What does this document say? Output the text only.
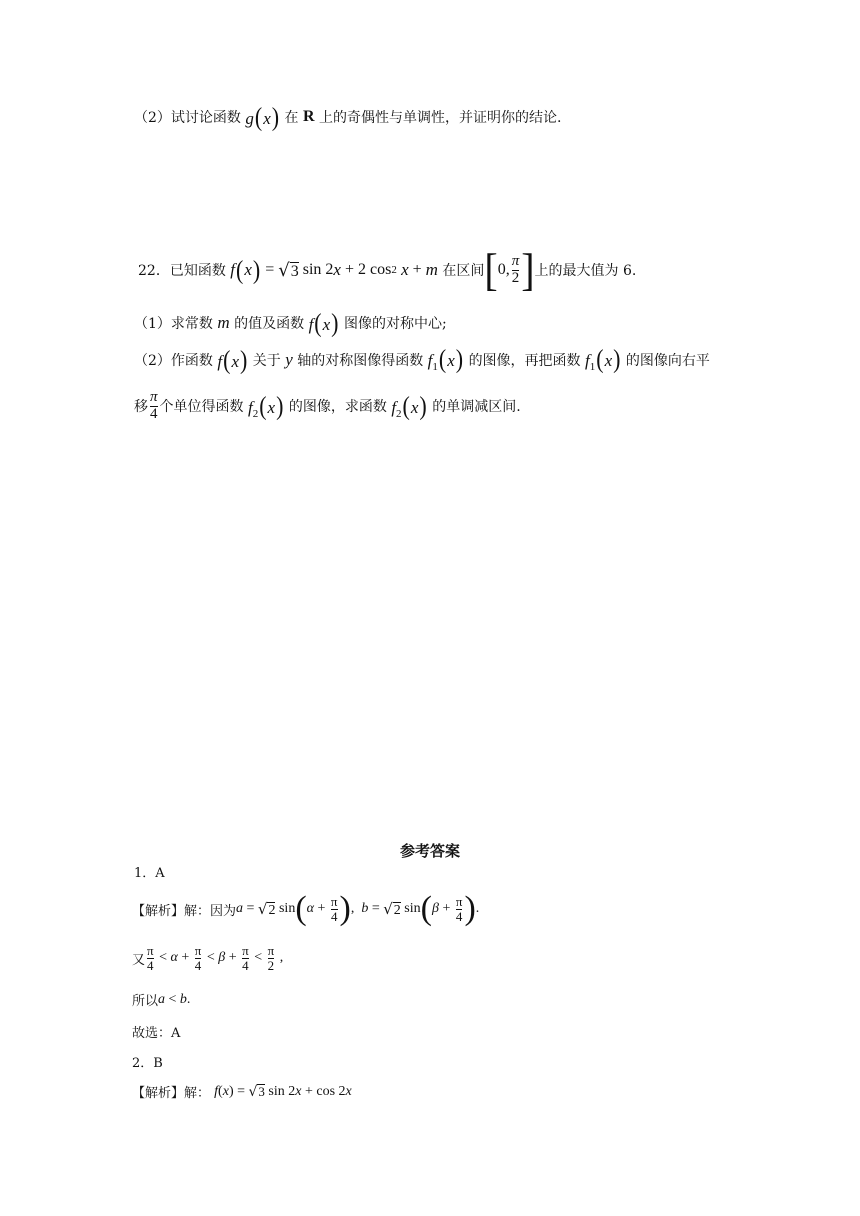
（2） 试讨论函数 g(x) 在
R
上的奇偶性与单调性，并证明你的结论.
22． 已知函数
f ( x ) = √ 3 sin 2 x + 2 cos 2 x + m
在区间 [ 0, $\frac{\pi}{2}$ ] 上的最大值为 6.
（1） 求常数 m 的值及函数 f(x) 图像的对称中心;
（2） 作函数 f(x) 关于 y 轴的对称图像得函数 $f_1(x)$ 的图像，再把函数 $f_1(x)$ 的图像向右平
移 $\frac{\pi}{4}$ 个单位得函数 $f_2(x)$ 的图像，求函数 $f_2(x)$ 的单调减区间.
参考答案
1．A
【解析】解：因为 a = √ 2 sin ( $\alpha + \frac{\pi}{4}$ ) , b = √ 2 sin ( $\beta + \frac{\pi}{4}$ ) .
又 $\frac{\pi}{4} < \alpha + \frac{\pi}{4} < \beta + \frac{\pi}{4} < \frac{\pi}{2}$ ,
所以 a < b.
故选：A
2．B
【解析】解：
f ( x ) = √ 3 sin 2 x + cos 2 x
